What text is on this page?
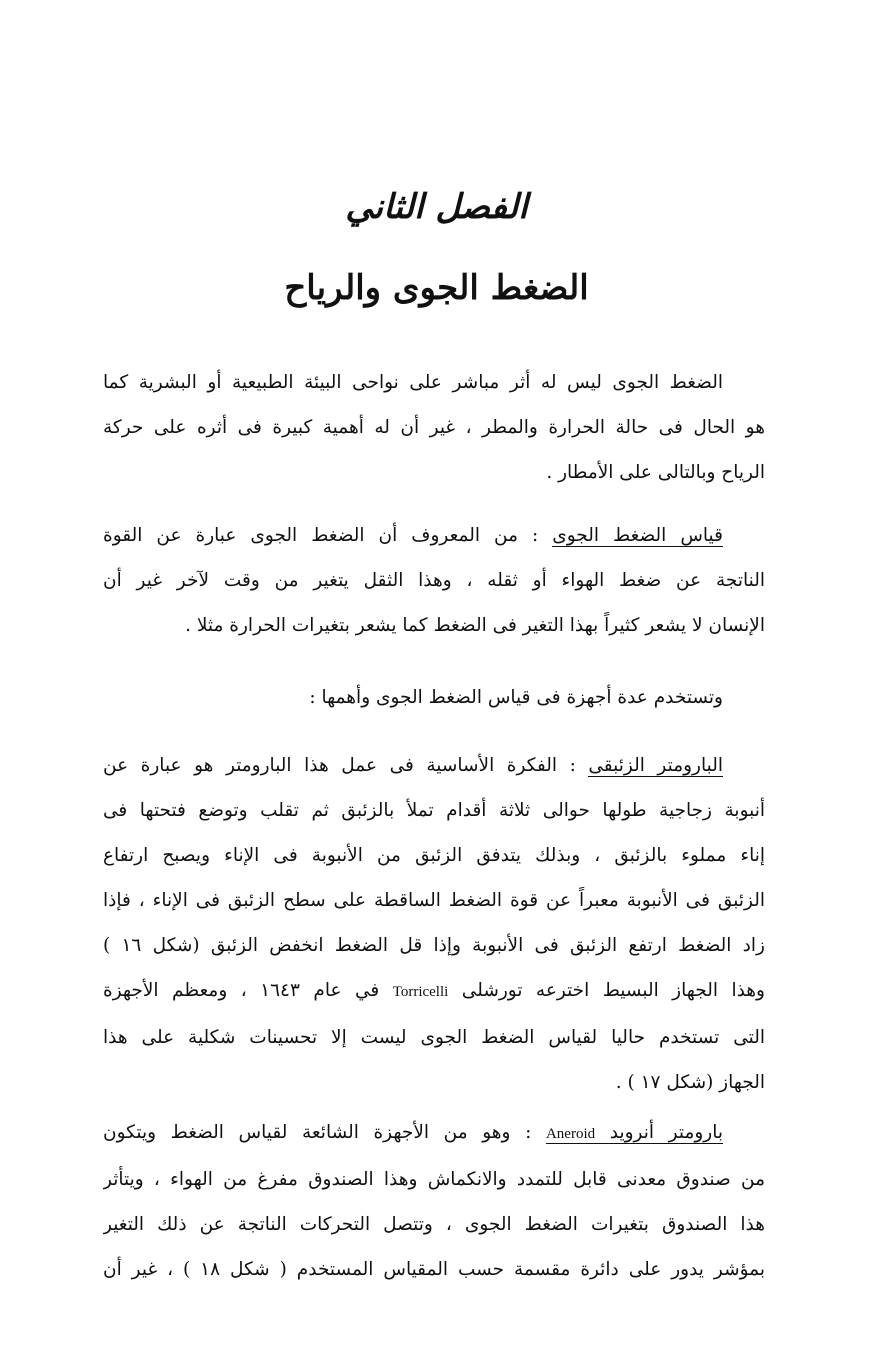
الفصل الثاني
الضغط الجوى والرياح

الضغط الجوى ليس له أثر مباشر على نواحى البيئة الطبيعية أو البشرية كما
هو الحال فى حالة الحرارة والمطر ، غير أن له أهمية كبيرة فى أثره على حركة
الرياح وبالتالى على الأمطار .

قياس الضغط الجوى : من المعروف أن الضغط الجوى عبارة عن القوة
الناتجة عن ضغط الهواء أو ثقله ، وهذا الثقل يتغير من وقت لآخر غير أن
الإنسان لا يشعر كثيراً بهذا التغير فى الضغط كما يشعر بتغيرات الحرارة مثلا .

وتستخدم عدة أجهزة فى قياس الضغط الجوى وأهمها :

البارومتر الزئبقى : الفكرة الأساسية فى عمل هذا البارومتر هو عبارة عن
أنبوبة زجاجية طولها حوالى ثلاثة أقدام تملأ بالزئبق ثم تقلب وتوضع فتحتها فى
إناء مملوء بالزئبق ، وبذلك يتدفق الزئبق من الأنبوبة فى الإناء ويصبح ارتفاع
الزئبق فى الأنبوبة معبراً عن قوة الضغط الساقطة على سطح الزئبق فى الإناء ، فإذا
زاد الضغط ارتفع الزئبق فى الأنبوبة وإذا قل الضغط انخفض الزئبق (شكل ١٦ )
وهذا الجهاز البسيط اخترعه تورشلى Torricelli في عام ١٦٤٣ ، ومعظم الأجهزة
التى تستخدم حاليا لقياس الضغط الجوى ليست إلا تحسينات شكلية على هذا
الجهاز (شكل ١٧ ) .

بارومتر أنرويد Aneroid : وهو من الأجهزة الشائعة لقياس الضغط ويتكون
من صندوق معدنى قابل للتمدد والانكماش وهذا الصندوق مفرغ من الهواء ، ويتأثر
هذا الصندوق بتغيرات الضغط الجوى ، وتتصل التحركات الناتجة عن ذلك التغير
بمؤشر يدور على دائرة مقسمة حسب المقياس المستخدم ( شكل ١٨ ) ، غير أن
